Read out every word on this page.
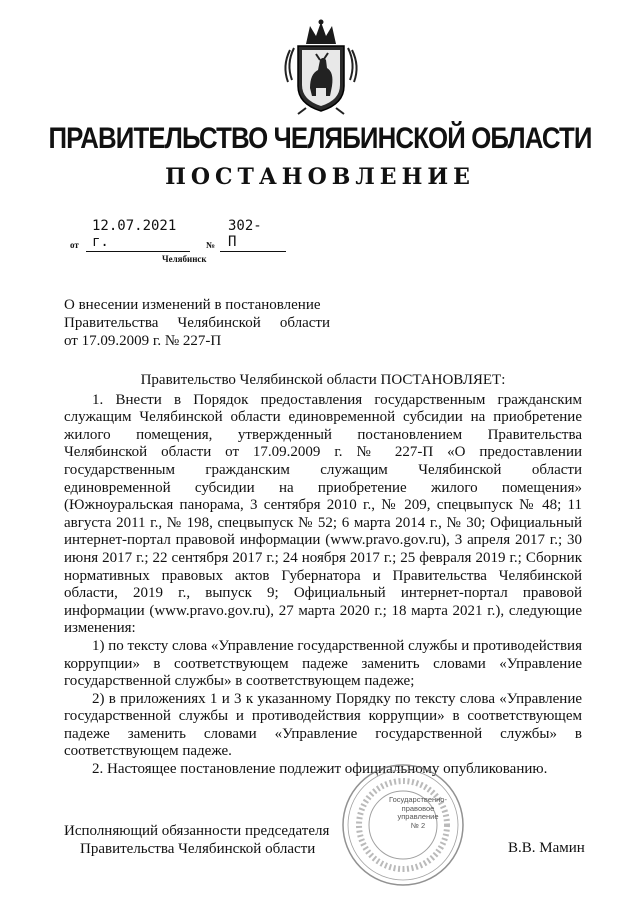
ПРАВИТЕЛЬСТВО ЧЕЛЯБИНСКОЙ ОБЛАСТИ
ПОСТАНОВЛЕНИЕ
от
12.07.2021 г.	№
302-П
Челябинск

О внесении изменений в постановление

Правительства Челябинской области

от 17.09.2009 г. № 227-П

Правительство Челябинской области ПОСТАНОВЛЯЕТ:

1. Внести в Порядок предоставления государственным гражданским служащим Челябинской области единовременной субсидии на приобретение жилого помещения, утвержденный постановлением Правительства Челябинской области от 17.09.2009 г. № 227-П «О предоставлении государственным гражданским служащим Челябинской области единовременной субсидии на приобретение жилого помещения» (Южноуральская панорама, 3 сентября 2010 г., № 209, спецвыпуск № 48; 11 августа 2011 г., № 198, спецвыпуск № 52; 6 марта 2014 г., № 30; Официальный интернет-портал правовой информации (www.pravo.gov.ru), 3 апреля 2017 г.; 30 июня 2017 г.; 22 сентября 2017 г.; 24 ноября 2017 г.; 25 февраля 2019 г.; Сборник нормативных правовых актов Губернатора и Правительства Челябинской области, 2019 г., выпуск 9; Официальный интернет-портал правовой информации (www.pravo.gov.ru), 27 марта 2020 г.; 18 марта 2021 г.), следующие изменения:

1) по тексту слова «Управление государственной службы и противодействия коррупции» в соответствующем падеже заменить словами «Управление государственной службы» в соответствующем падеже;

2) в приложениях 1 и 3 к указанному Порядку по тексту слова «Управление государственной службы и противодействия коррупции» в соответствующем падеже заменить словами «Управление государственной службы» в соответствующем падеже.

2. Настоящее постановление подлежит официальному опубликованию.

Государственно-
правовое
управление
№ 2
Исполняющий обязанности председателя
Правительства Челябинской области	В.В. Мамин
